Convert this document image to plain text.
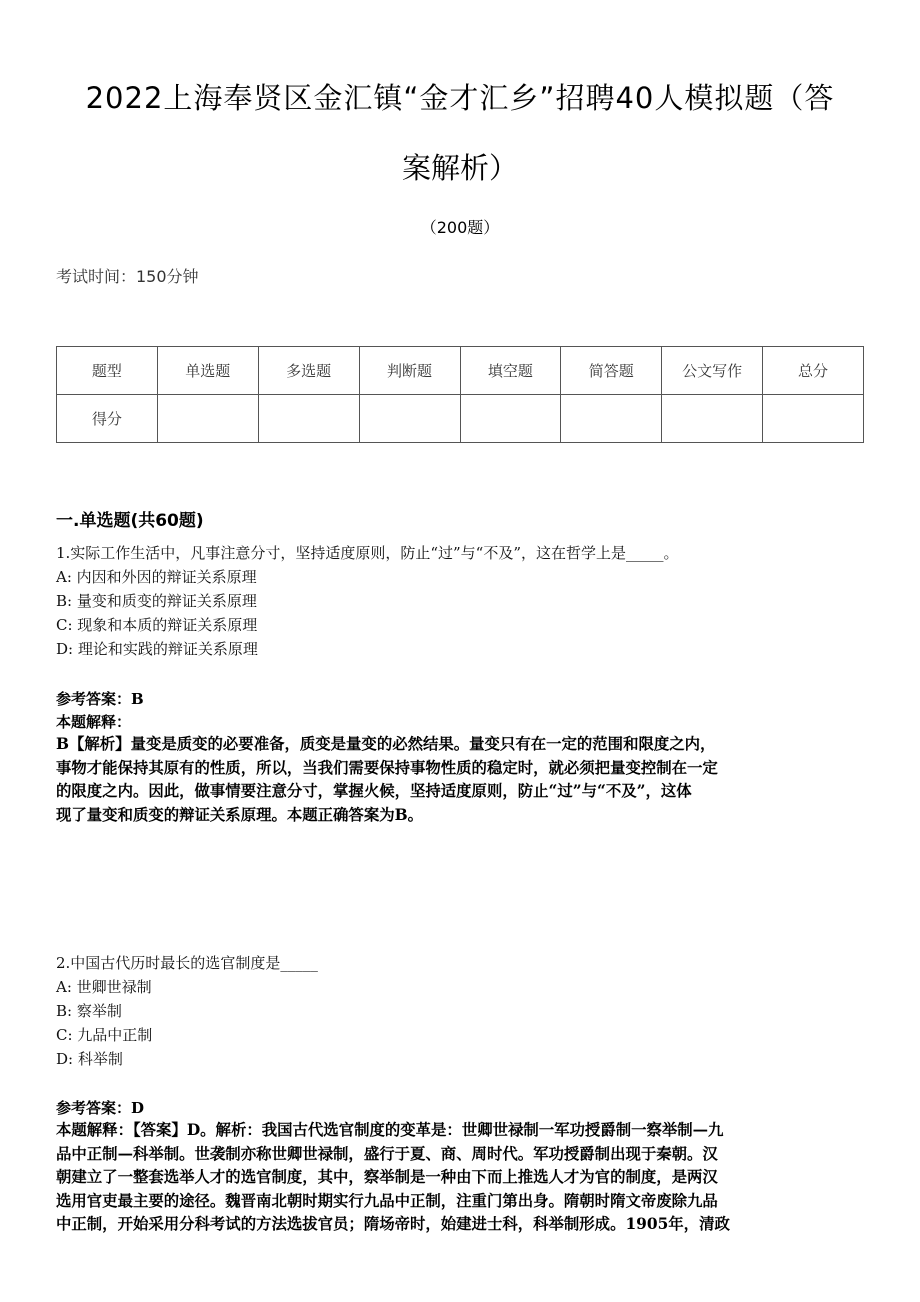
2022上海奉贤区金汇镇“金才汇乡”招聘40人模拟题（答
案解析）
（200题）
考试时间：150分钟
题型	单选题	多选题	判断题	填空题	简答题	公文写作	总分
得分							
一.单选题(共60题)
1.实际工作生活中，凡事注意分寸，坚持适度原则，防止“过”与“不及”，这在哲学上是_____。
A: 内因和外因的辩证关系原理
B: 量变和质变的辩证关系原理
C: 现象和本质的辩证关系原理
D: 理论和实践的辩证关系原理
参考答案：B
本题解释：
B【解析】量变是质变的必要准备，质变是量变的必然结果。量变只有在一定的范围和限度之内，
事物才能保持其原有的性质，所以，当我们需要保持事物性质的稳定时，就必须把量变控制在一定
的限度之内。因此，做事情要注意分寸，掌握火候，坚持适度原则，防止“过”与“不及”，这体
现了量变和质变的辩证关系原理。本题正确答案为B。
2.中国古代历时最长的选官制度是_____
A: 世卿世禄制
B: 察举制
C: 九品中正制
D: 科举制
参考答案：D
本题解释：【答案】D。解析：我国古代选官制度的变革是：世卿世禄制一军功授爵制一察举制—九
品中正制—科举制。世袭制亦称世卿世禄制，盛行于夏、商、周时代。军功授爵制出现于秦朝。汉
朝建立了一整套选举人才的选官制度，其中，察举制是一种由下而上推选人才为官的制度，是两汉
选用官吏最主要的途径。魏晋南北朝时期实行九品中正制，注重门第出身。隋朝时隋文帝废除九品
中正制，开始采用分科考试的方法选拔官员；隋场帝时，始建进士科，科举制形成。1905年，清政
